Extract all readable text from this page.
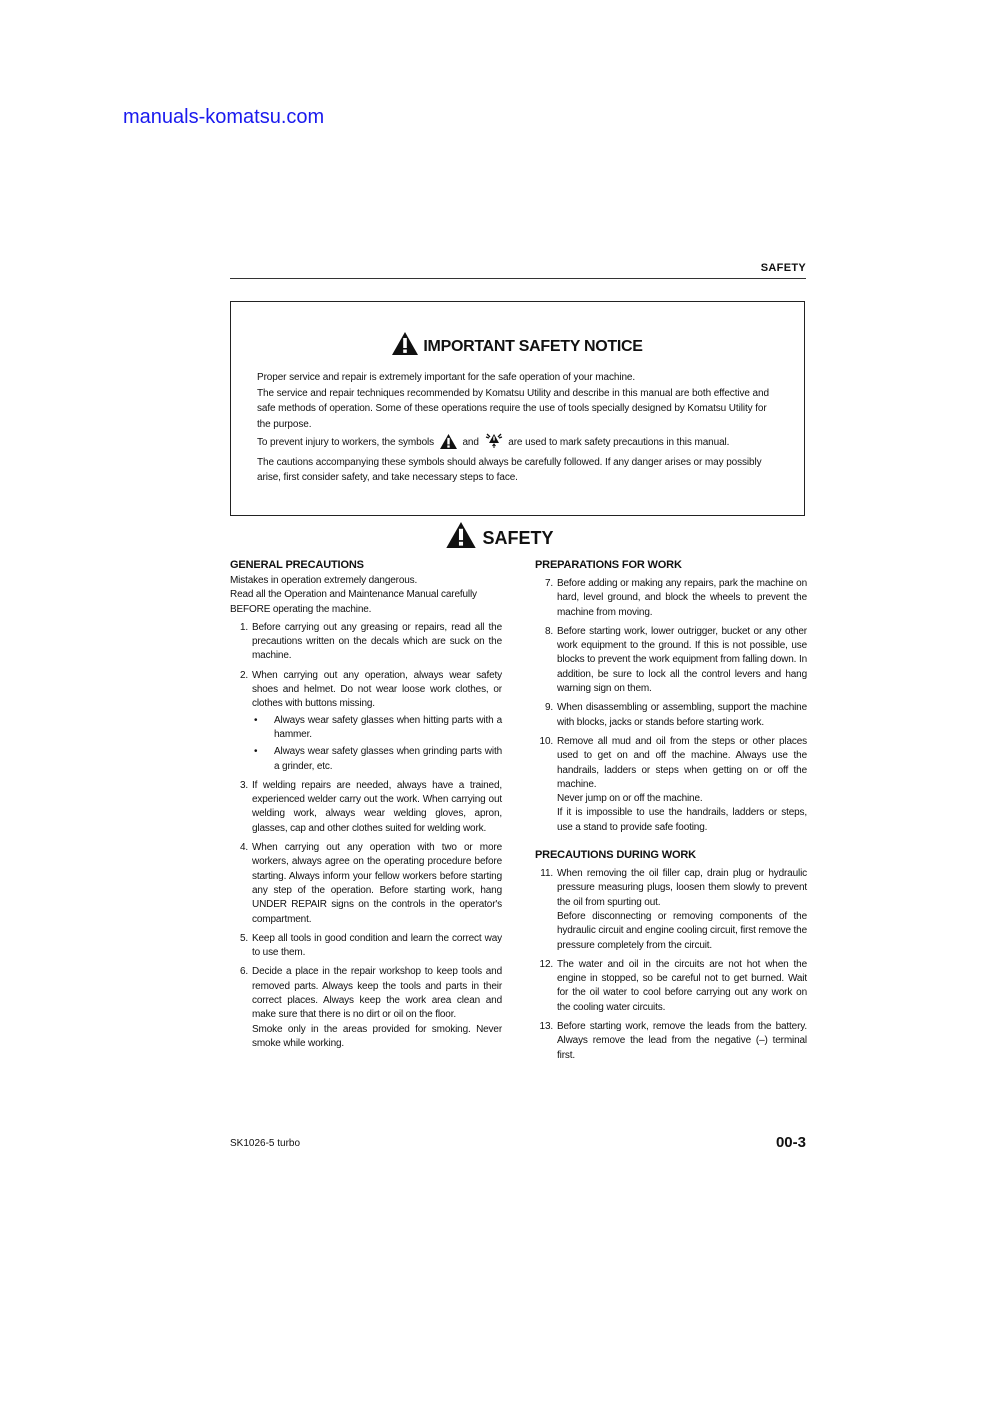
manuals-komatsu.com
SAFETY
IMPORTANT SAFETY NOTICE

Proper service and repair is extremely important for the safe operation of your machine.

The service and repair techniques recommended by Komatsu Utility and describe in this manual are both effective and safe methods of operation. Some of these operations require the use of tools specially designed by Komatsu Utility for the purpose.

To prevent injury to workers, the symbols	and	are used to mark safety precautions in this manual.

The cautions accompanying these symbols should always be carefully followed. If any danger arises or may possibly arise, first consider safety, and take necessary steps to face.

SAFETY
GENERAL PRECAUTIONS

Mistakes in operation extremely dangerous.

Read all the Operation and Maintenance Manual carefully BEFORE operating the machine.

1. Before carrying out any greasing or repairs, read all the precautions written on the decals which are suck on the machine.

2. When carrying out any operation, always wear safety shoes and helmet. Do not wear loose work clothes, or clothes with buttons missing.

• Always wear safety glasses when hitting parts with a hammer.
• Always wear safety glasses when grinding parts with a grinder, etc.
3. If welding repairs are needed, always have a trained, experienced welder carry out the work. When carrying out welding work, always wear welding gloves, apron, glasses, cap and other clothes suited for welding work.

4. When carrying out any operation with two or more workers, always agree on the operating procedure before starting. Always inform your fellow workers before starting any step of the operation. Before starting work, hang UNDER REPAIR signs on the controls in the operator's compartment.

5. Keep all tools in good condition and learn the correct way to use them.

6. Decide a place in the repair workshop to keep tools and removed parts. Always keep the tools and parts in their correct places. Always keep the work area clean and make sure that there is no dirt or oil on the floor.

Smoke only in the areas provided for smoking. Never smoke while working.

PREPARATIONS FOR WORK
7. Before adding or making any repairs, park the machine on hard, level ground, and block the wheels to prevent the machine from moving.

8. Before starting work, lower outrigger, bucket or any other work equipment to the ground. If this is not possible, use blocks to prevent the work equipment from falling down. In addition, be sure to lock all the control levers and hang warning sign on them.

9. When disassembling or assembling, support the machine with blocks, jacks or stands before starting work.

10. Remove all mud and oil from the steps or other places used to get on and off the machine. Always use the handrails, ladders or steps when getting on or off the machine.

Never jump on or off the machine.

If it is impossible to use the handrails, ladders or steps, use a stand to provide safe footing.

PRECAUTIONS DURING WORK
11. When removing the oil filler cap, drain plug or hydraulic pressure measuring plugs, loosen them slowly to prevent the oil from spurting out.

Before disconnecting or removing components of the hydraulic circuit and engine cooling circuit, first remove the pressure completely from the circuit.

12. The water and oil in the circuits are not hot when the engine in stopped, so be careful not to get burned. Wait for the oil water to cool before carrying out any work on the cooling water circuits.

13. Before starting work, remove the leads from the battery. Always remove the lead from the negative (–) terminal first.

SK1026-5 turbo	00-3
